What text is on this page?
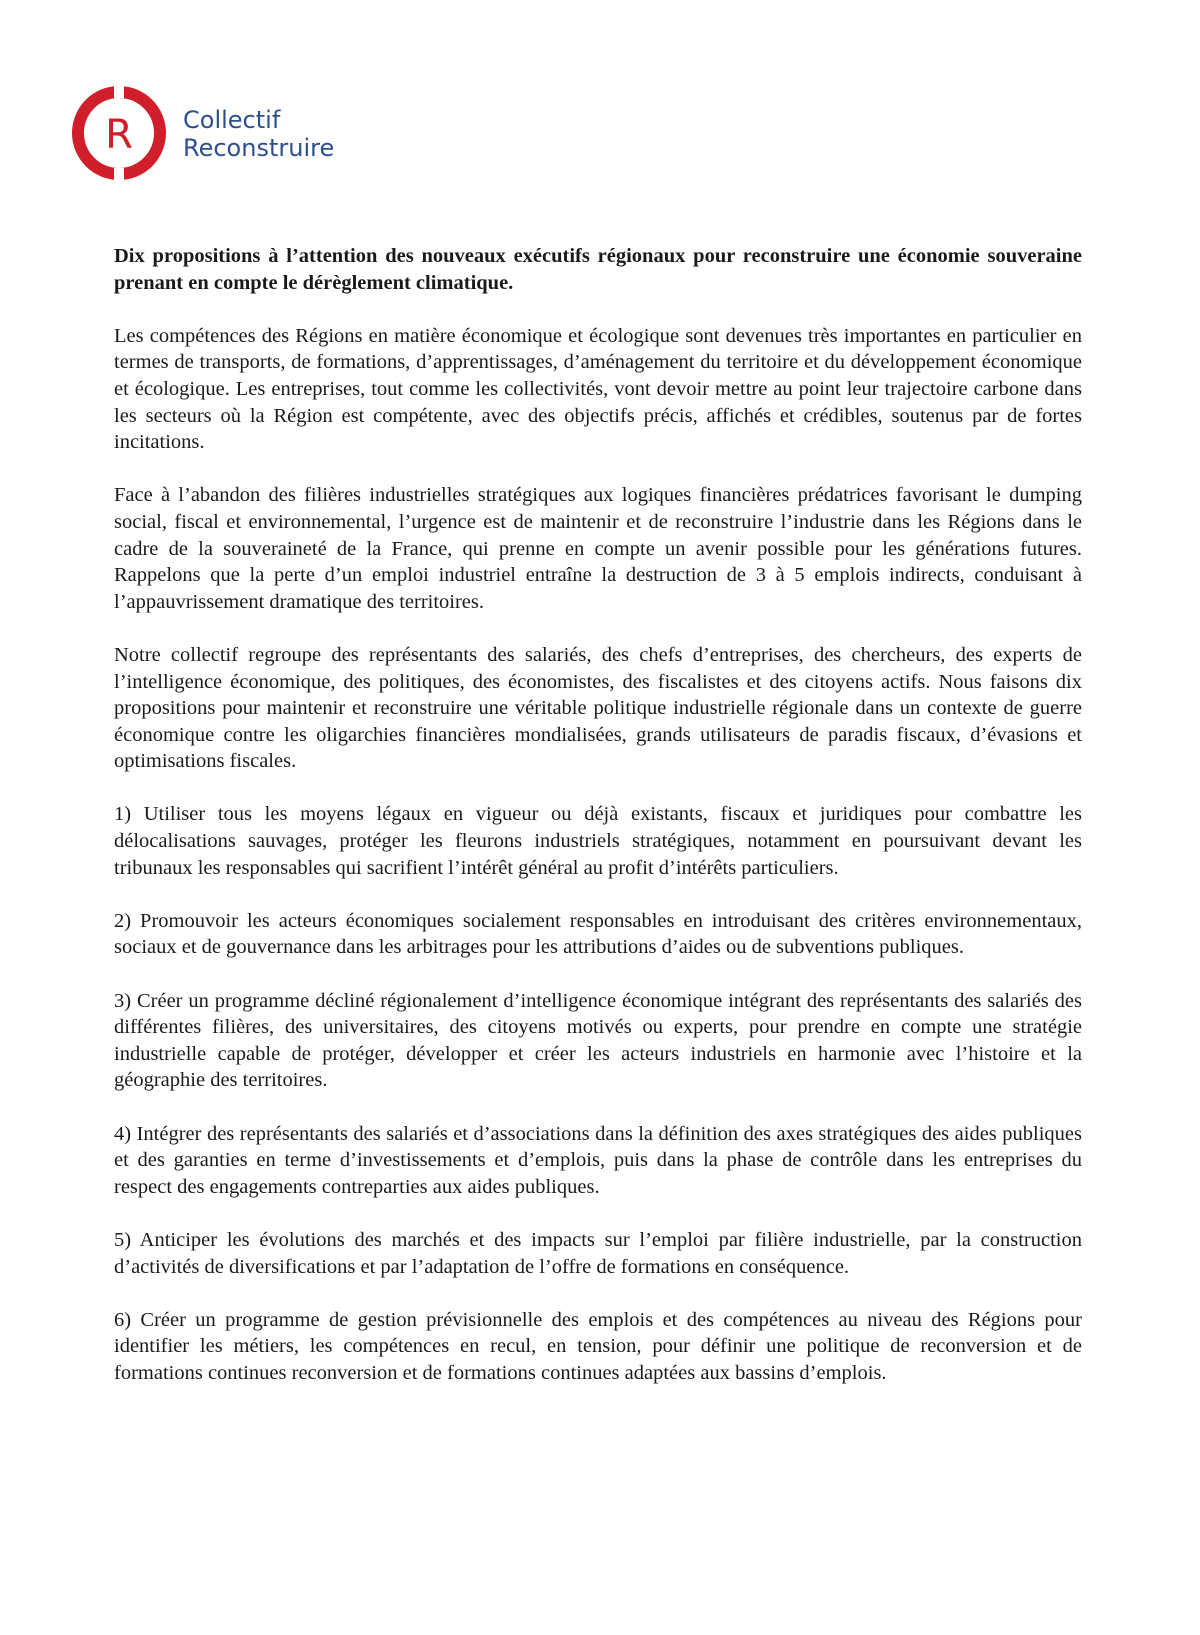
R Collectif
Reconstruire

Dix propositions à l’attention des nouveaux exécutifs régionaux pour reconstruire une économie souveraine prenant en compte le dérèglement climatique.

Les compétences des Régions en matière économique et écologique sont devenues très importantes en particulier en termes de transports, de formations, d’apprentissages, d’aménagement du territoire et du développement économique et écologique. Les entreprises, tout comme les collectivités, vont devoir mettre au point leur trajectoire carbone dans les secteurs où la Région est compétente, avec des objectifs précis, affichés et crédibles, soutenus par de fortes incitations.

Face à l’abandon des filières industrielles stratégiques aux logiques financières prédatrices favorisant le dumping social, fiscal et environnemental, l’urgence est de maintenir et de reconstruire l’industrie dans les Régions dans le cadre de la souveraineté de la France, qui prenne en compte un avenir possible pour les générations futures. Rappelons que la perte d’un emploi industriel entraîne la destruction de 3 à 5 emplois indirects, conduisant à l’appauvrissement dramatique des territoires.

Notre collectif regroupe des représentants des salariés, des chefs d’entreprises, des chercheurs, des experts de l’intelligence économique, des politiques, des économistes, des fiscalistes et des citoyens actifs. Nous faisons dix propositions pour maintenir et reconstruire une véritable politique industrielle régionale dans un contexte de guerre économique contre les oligarchies financières mondialisées, grands utilisateurs de paradis fiscaux, d’évasions et optimisations fiscales.

1) Utiliser tous les moyens légaux en vigueur ou déjà existants, fiscaux et juridiques pour combattre les délocalisations sauvages, protéger les fleurons industriels stratégiques, notamment en poursuivant devant les tribunaux les responsables qui sacrifient l’intérêt général au profit d’intérêts particuliers.

2) Promouvoir les acteurs économiques socialement responsables en introduisant des critères environnementaux, sociaux et de gouvernance dans les arbitrages pour les attributions d’aides ou de subventions publiques.

3) Créer un programme décliné régionalement d’intelligence économique intégrant des représentants des salariés des différentes filières, des universitaires, des citoyens motivés ou experts, pour prendre en compte une stratégie industrielle capable de protéger, développer et créer les acteurs industriels en harmonie avec l’histoire et la géographie des territoires.

4) Intégrer des représentants des salariés et d’associations dans la définition des axes stratégiques des aides publiques et des garanties en terme d’investissements et d’emplois, puis dans la phase de contrôle dans les entreprises du respect des engagements contreparties aux aides publiques.

5) Anticiper les évolutions des marchés et des impacts sur l’emploi par filière industrielle, par la construction d’activités de diversifications et par l’adaptation de l’offre de formations en conséquence.

6) Créer un programme de gestion prévisionnelle des emplois et des compétences au niveau des Régions pour identifier les métiers, les compétences en recul, en tension, pour définir une politique de reconversion et de formations continues reconversion et de formations continues adaptées aux bassins d’emplois.
